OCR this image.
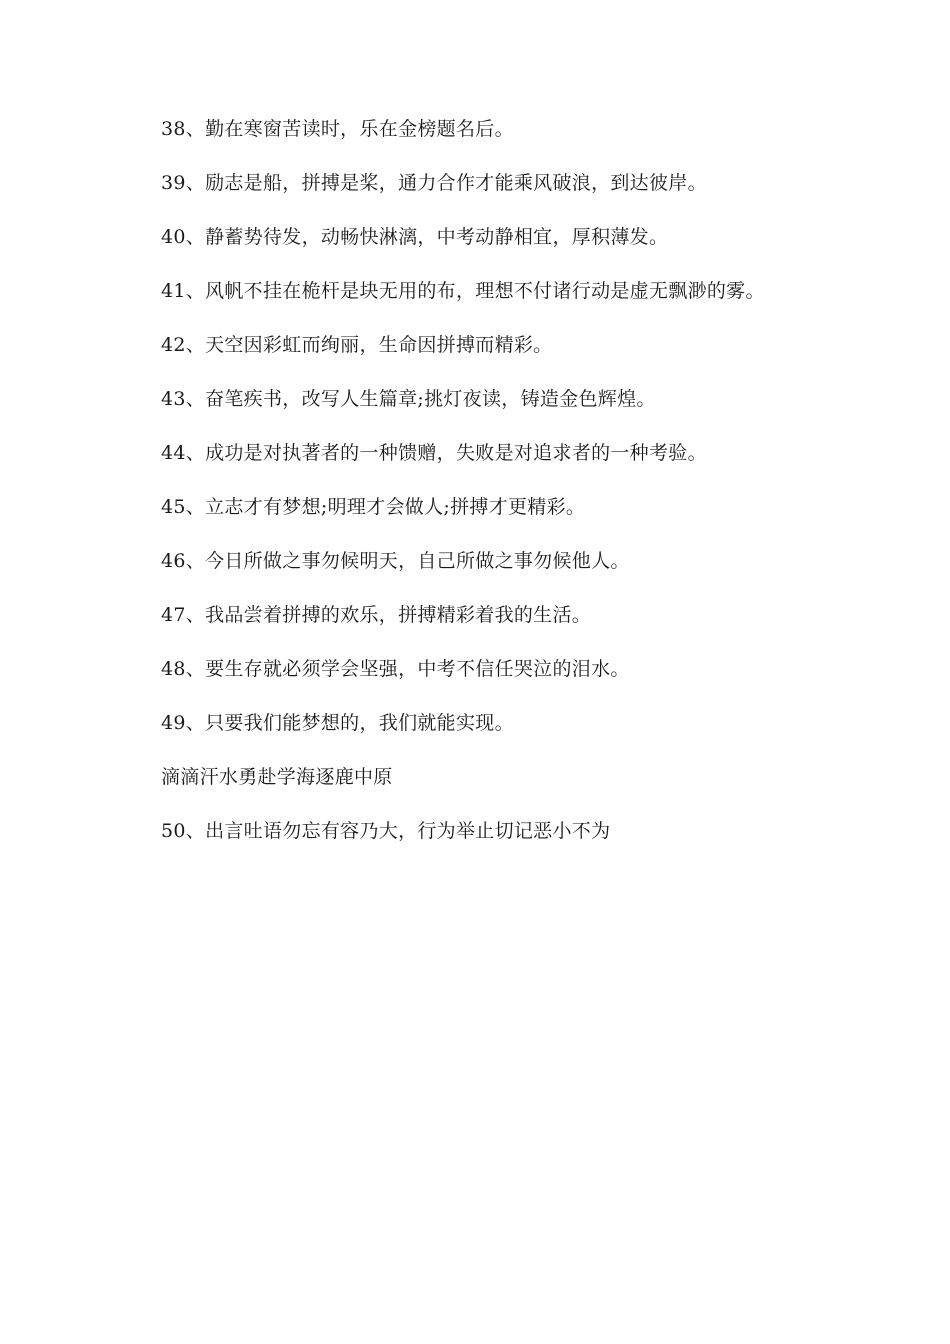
38、勤在寒窗苦读时，乐在金榜题名后。

39、励志是船，拼搏是桨，通力合作才能乘风破浪，到达彼岸。

40、静蓄势待发，动畅快淋漓，中考动静相宜，厚积薄发。

41、风帆不挂在桅杆是块无用的布，理想不付诸行动是虚无飘渺的雾。

42、天空因彩虹而绚丽，生命因拼搏而精彩。

43、奋笔疾书，改写人生篇章;挑灯夜读，铸造金色辉煌。

44、成功是对执著者的一种馈赠，失败是对追求者的一种考验。

45、立志才有梦想;明理才会做人;拼搏才更精彩。

46、今日所做之事勿候明天，自己所做之事勿候他人。

47、我品尝着拼搏的欢乐，拼搏精彩着我的生活。

48、要生存就必须学会坚强，中考不信任哭泣的泪水。

49、只要我们能梦想的，我们就能实现。

滴滴汗水勇赴学海逐鹿中原

50、出言吐语勿忘有容乃大，行为举止切记恶小不为
